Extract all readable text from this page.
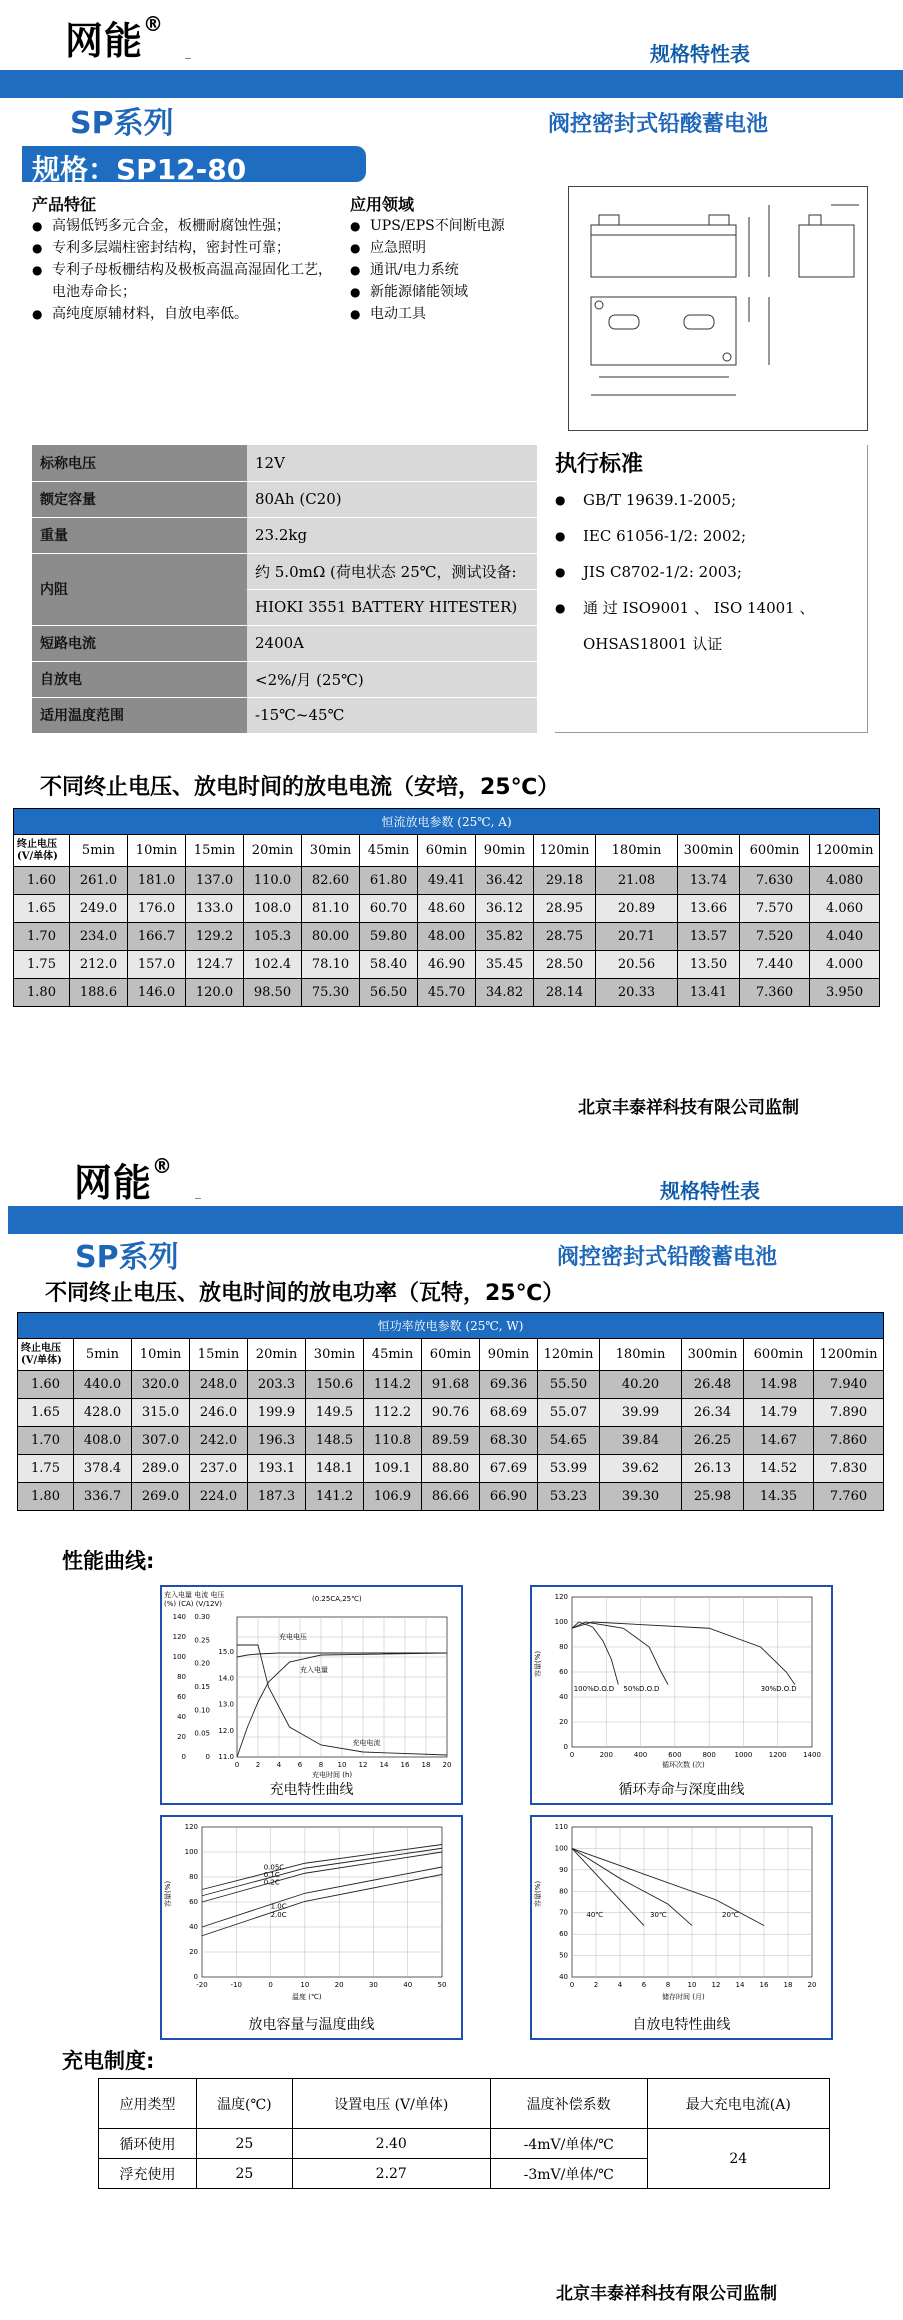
网能®
规格特性表
SP系列	阀控密封式铅酸蓄电池
规格：SP12-80
产品特征
● 高锡低钙多元合金，板栅耐腐蚀性强；
● 专利多层端柱密封结构，密封性可靠；
● 专利子母板栅结构及极板高温高湿固化工艺，电池寿命长；
● 高纯度原辅材料，自放电率低。
应用领域
● UPS/EPS不间断电源
● 应急照明
● 通讯/电力系统
● 新能源储能领域
● 电动工具
标称电压	12V
额定容量	80Ah (C20)
重量	23.2kg
内阻	约 5.0mΩ (荷电状态 25℃，测试设备:
	HIOKI 3551 BATTERY HITESTER)
短路电流	2400A
自放电	<2%/月 (25℃)
适用温度范围	-15℃~45℃
执行标准
● GB/T 19639.1-2005;
● IEC 61056-1/2: 2002;
● JIS C8702-1/2: 2003;
● 通 过 ISO9001 、 ISO 14001 、 OHSAS18001 认证
不同终止电压、放电时间的放电电流（安培，25℃）
恒流放电参数 (25℃, A)													
终止电压(V/单体)	5min	10min	15min	20min	30min	45min	60min	90min	120min	180min	300min	600min	1200min
1.60	261.0	181.0	137.0	110.0	82.60	61.80	49.41	36.42	29.18	21.08	13.74	7.630	4.080
1.65	249.0	176.0	133.0	108.0	81.10	60.70	48.60	36.12	28.95	20.89	13.66	7.570	4.060
1.70	234.0	166.7	129.2	105.3	80.00	59.80	48.00	35.82	28.75	20.71	13.57	7.520	4.040
1.75	212.0	157.0	124.7	102.4	78.10	58.40	46.90	35.45	28.50	20.56	13.50	7.440	4.000
1.80	188.6	146.0	120.0	98.50	75.30	56.50	45.70	34.82	28.14	20.33	13.41	7.360	3.950
北京丰泰祥科技有限公司监制
网能®
规格特性表
SP系列	阀控密封式铅酸蓄电池
不同终止电压、放电时间的放电功率（瓦特，25℃）
恒功率放电参数 (25℃, W)													
终止电压(V/单体)	5min	10min	15min	20min	30min	45min	60min	90min	120min	180min	300min	600min	1200min
1.60	440.0	320.0	248.0	203.3	150.6	114.2	91.68	69.36	55.50	40.20	26.48	14.98	7.940
1.65	428.0	315.0	246.0	199.9	149.5	112.2	90.76	68.69	55.07	39.99	26.34	14.79	7.890
1.70	408.0	307.0	242.0	196.3	148.5	110.8	89.59	68.30	54.65	39.84	26.25	14.67	7.860
1.75	378.4	289.0	237.0	193.1	148.1	109.1	88.80	67.69	53.99	39.62	26.13	14.52	7.830
1.80	336.7	269.0	224.0	187.3	141.2	106.9	86.66	66.90	53.23	39.30	25.98	14.35	7.760
性能曲线:
0 2 4 6 8 10 12 14 16 18 20
0
20
40
60
80
100
120
140
0
0.05
0.10
0.15
0.20
0.25
0.30
11.0
12.0
13.0
14.0
15.0
充入电量 电流 电压
(%) (CA) (V/12V)
(0.25CA,25℃)
充电时间 (h)
充电电压
充入电量
充电电流
充电特性曲线
0	200	400	600	800	1000 1200 1400
0
20
40
60
80
100
120
容量(%)
循环次数 (次)
100%D.O.D 50%D.O.D	30%D.O.D
循环寿命与深度曲线
-20	-10	0	10	20	30	40	50
0
20
40
60
80
100
120
容量(%)
温度 (℃)
0.05C
0.1C
0.2C
1.0C
2.0C
放电容量与温度曲线
0	2	4	6	8 10 12 14 16 18 20
40
50
60
70
80
90
100
110
容量(%)
储存时间 (月)
40℃	30℃	20℃
自放电特性曲线
充电制度:
应用类型	温度(℃)	设置电压 (V/单体)	温度补偿系数	最大充电电流(A)
循环使用	25	2.40	-4mV/单体/℃	24
浮充使用	25	2.27	-3mV/单体/℃	
北京丰泰祥科技有限公司监制
